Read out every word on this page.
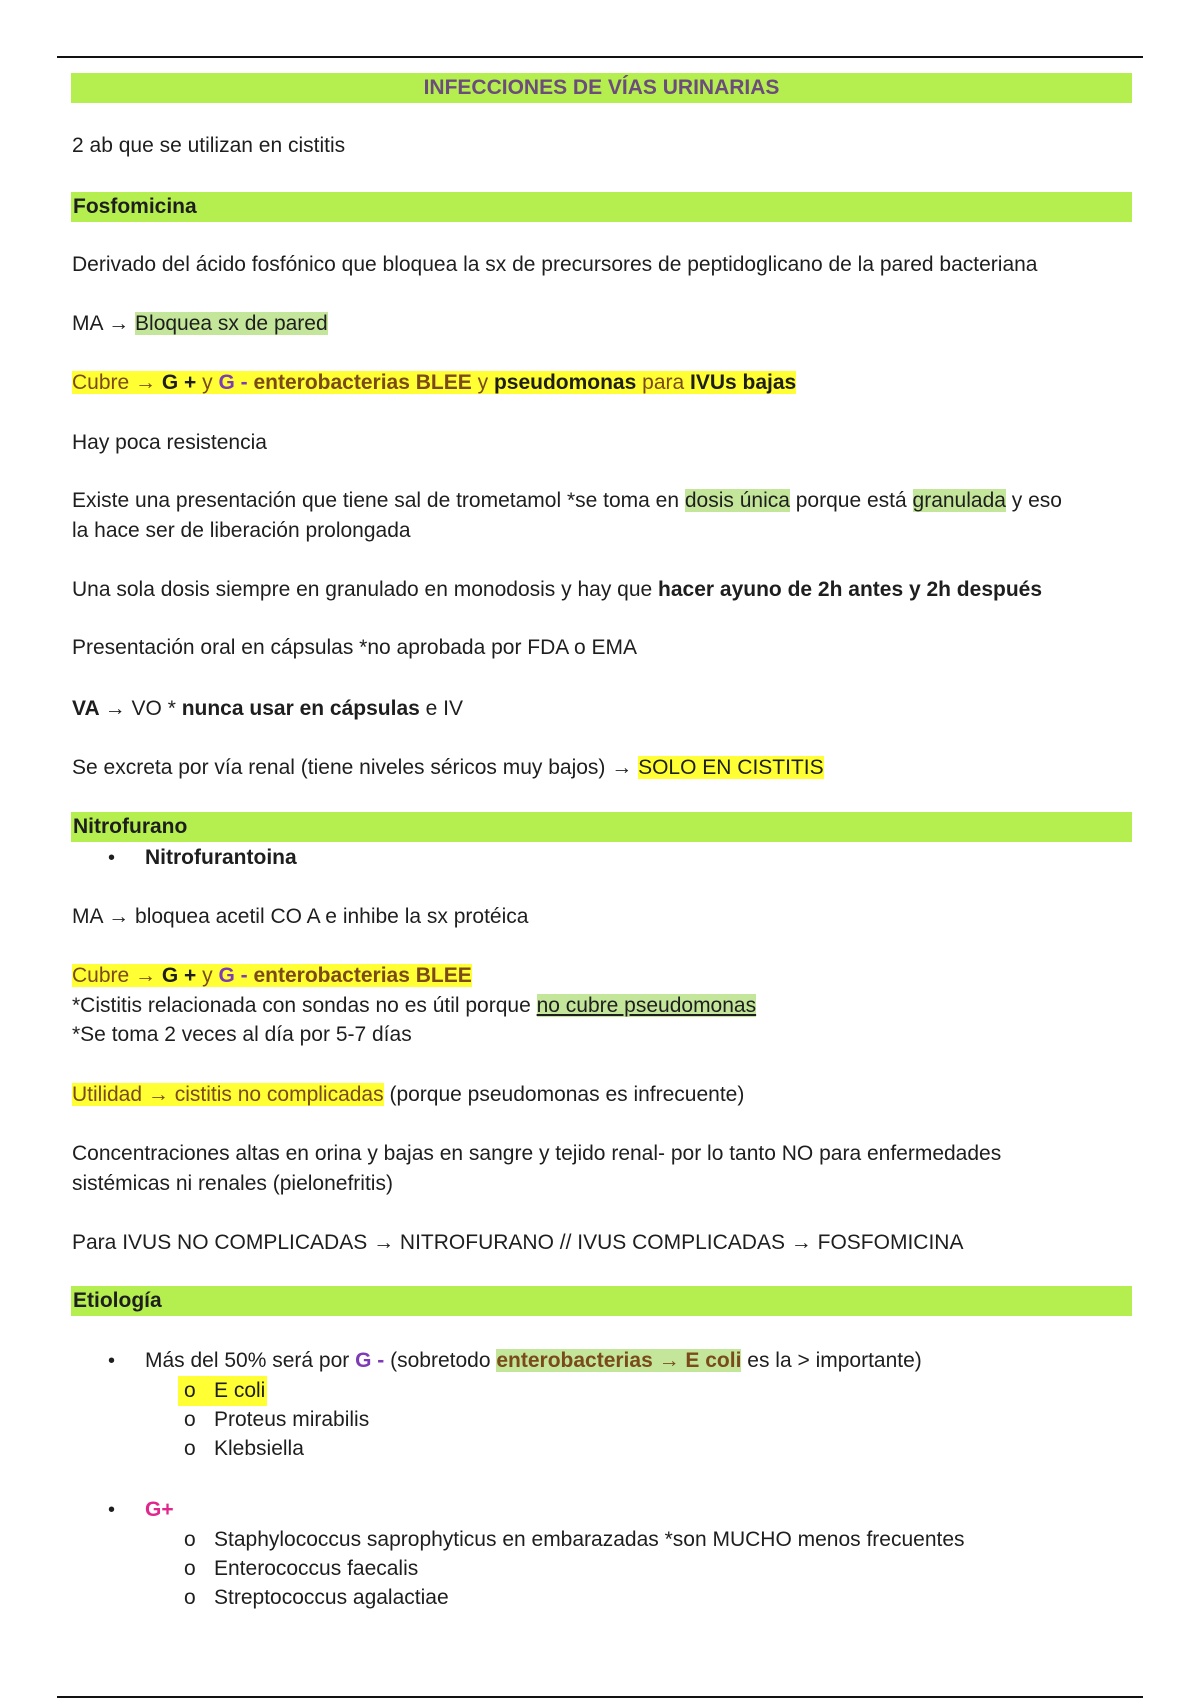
INFECCIONES DE VÍAS URINARIAS
2 ab que se utilizan en cistitis
Fosfomicina
Derivado del ácido fosfónico que bloquea la sx de precursores de peptidoglicano de la pared bacteriana
MA → Bloquea sx de pared
Cubre → G + y G - enterobacterias BLEE y pseudomonas para IVUs bajas
Hay poca resistencia
Existe una presentación que tiene sal de trometamol *se toma en dosis única porque está granulada y eso
la hace ser de liberación prolongada
Una sola dosis siempre en granulado en monodosis y hay que hacer ayuno de 2h antes y 2h después
Presentación oral en cápsulas *no aprobada por FDA o EMA
VA → VO * nunca usar en cápsulas e IV
Se excreta por vía renal (tiene niveles séricos muy bajos) → SOLO EN CISTITIS
Nitrofurano
• Nitrofurantoina
MA → bloquea acetil CO A e inhibe la sx protéica
Cubre → G + y G - enterobacterias BLEE
*Cistitis relacionada con sondas no es útil porque no cubre pseudomonas
*Se toma 2 veces al día por 5-7 días
Utilidad → cistitis no complicadas (porque pseudomonas es infrecuente)
Concentraciones altas en orina y bajas en sangre y tejido renal- por lo tanto NO para enfermedades
sistémicas ni renales (pielonefritis)
Para IVUS NO COMPLICADAS → NITROFURANO // IVUS COMPLICADAS → FOSFOMICINA
Etiología
• Más del 50% será por G - (sobretodo enterobacterias → E coli es la > importante)
o E coli
o Proteus mirabilis
o Klebsiella
• G+
o Staphylococcus saprophyticus en embarazadas *son MUCHO menos frecuentes
o Enterococcus faecalis
o Streptococcus agalactiae
